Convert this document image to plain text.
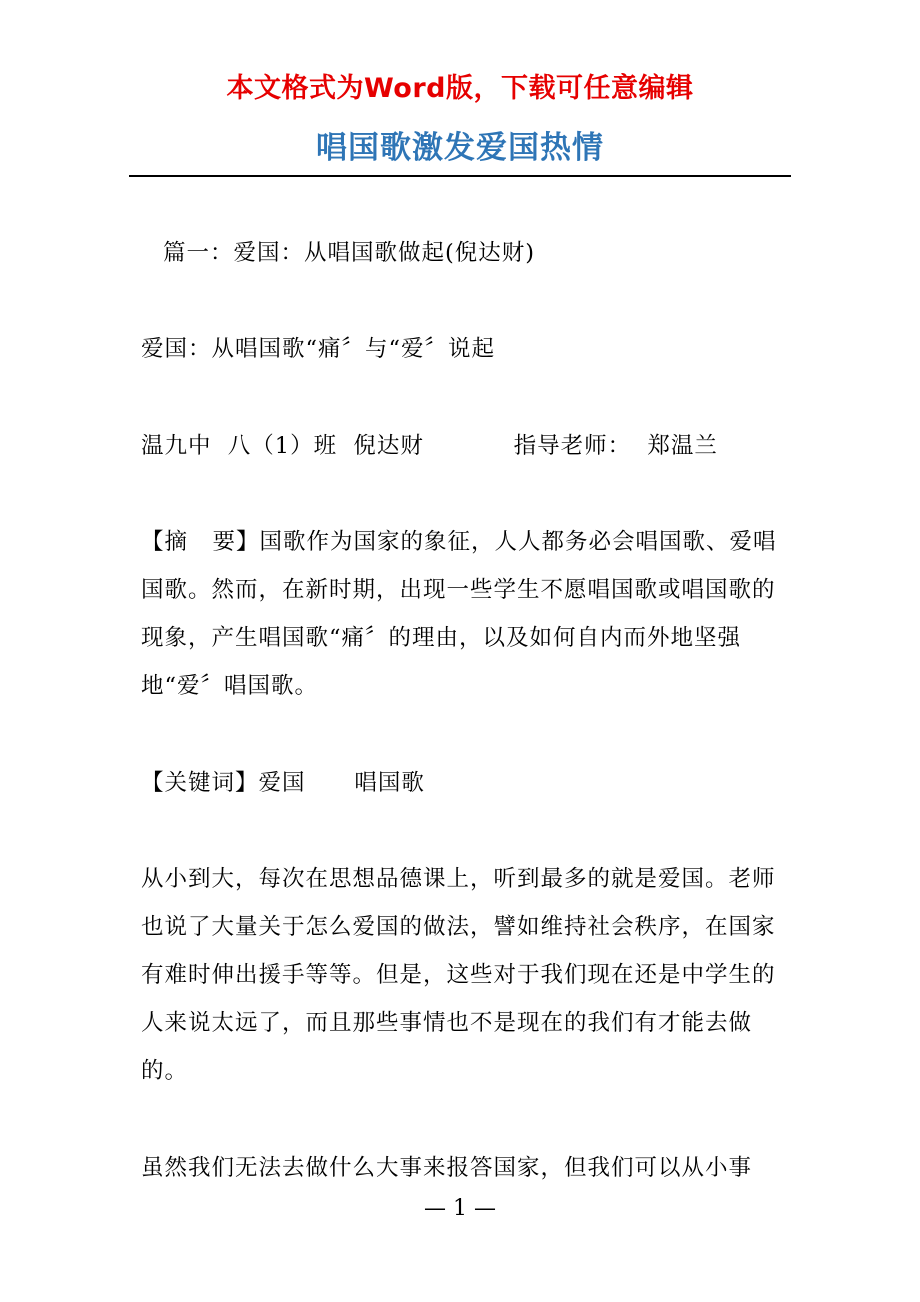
本文格式为Word版，下载可任意编辑
唱国歌激发爱国热情
篇一：爱国：从唱国歌做起(倪达财)
爱国：从唱国歌“痛〞与“爱〞说起
温九中  八（1）班  倪达财           指导老师：  郑温兰
【摘   要】国歌作为国家的象征，人人都务必会唱国歌、爱唱国歌。然而，在新时期，出现一些学生不愿唱国歌或唱国歌的现象，产生唱国歌“痛〞的理由，以及如何自内而外地坚强地“爱〞唱国歌。
【关键词】爱国      唱国歌
从小到大，每次在思想品德课上，听到最多的就是爱国。老师也说了大量关于怎么爱国的做法，譬如维持社会秩序，在国家有难时伸出援手等等。但是，这些对于我们现在还是中学生的人来说太远了，而且那些事情也不是现在的我们有才能去做的。
虽然我们无法去做什么大事来报答国家，但我们可以从小事
— 1 —
